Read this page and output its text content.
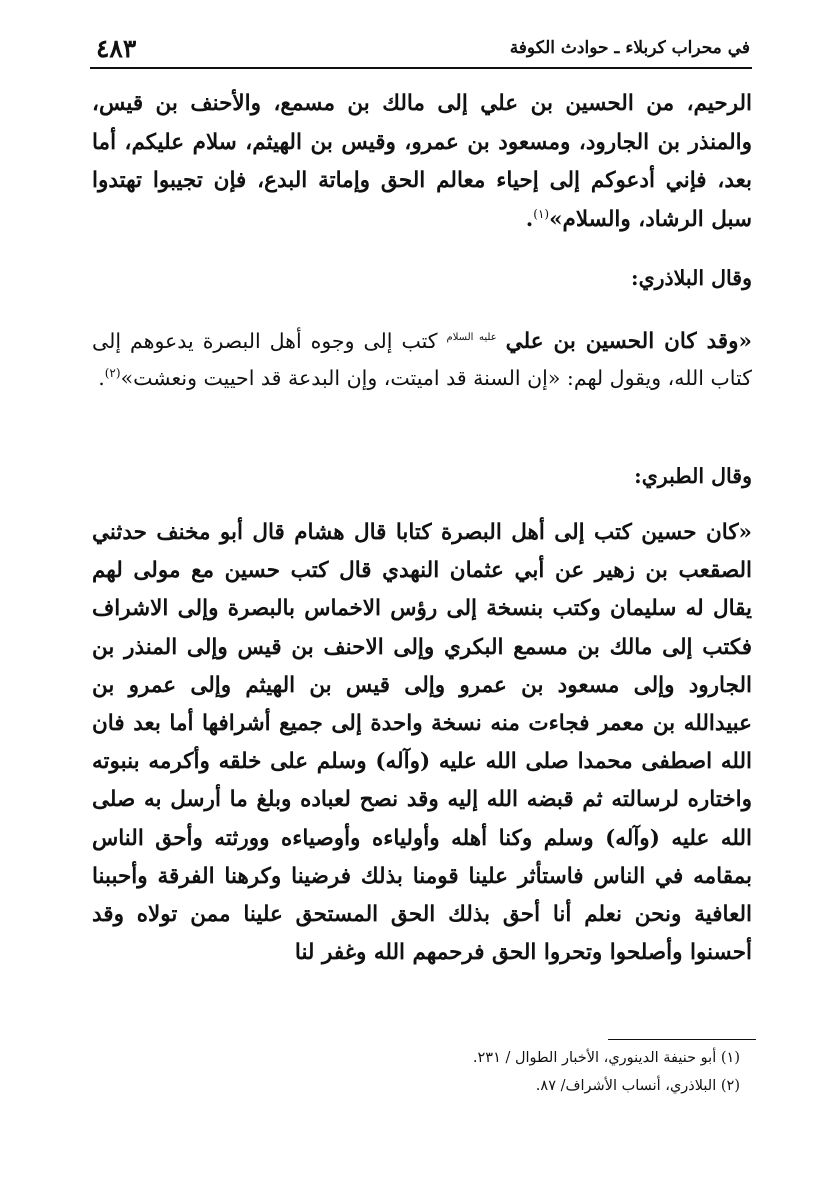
٤٨٣	في محراب كربلاء ـ حوادث الكوفة

الرحيم، من الحسين بن علي إلى مالك بن مسمع، والأحنف بن قيس، والمنذر بن الجارود، ومسعود بن عمرو، وقيس بن الهيثم، سلام عليكم، أما بعد، فإني أدعوكم إلى إحياء معالم الحق وإماتة البدع، فإن تجيبوا تهتدوا سبل الرشاد، والسلام»$^{(١)}$.

وقال البلاذري:

«وقد كان الحسين بن علي $^{عليه السلام}$ كتب إلى وجوه أهل البصرة يدعوهم إلى كتاب الله، ويقول لهم: «إن السنة قد اميتت، وإن البدعة قد احييت ونعشت»$^{(٢)}$.

وقال الطبري:

«كان حسين كتب إلى أهل البصرة كتابا قال هشام قال أبو مخنف حدثني الصقعب بن زهير عن أبي عثمان النهدي قال كتب حسين مع مولى لهم يقال له سليمان وكتب بنسخة إلى رؤس الاخماس بالبصرة وإلى الاشراف فكتب إلى مالك بن مسمع البكري وإلى الاحنف بن قيس وإلى المنذر بن الجارود وإلى مسعود بن عمرو وإلى قيس بن الهيثم وإلى عمرو بن عبيدالله بن معمر فجاءت منه نسخة واحدة إلى جميع أشرافها أما بعد فان الله اصطفى محمدا صلى الله عليه (وآله) وسلم على خلقه وأكرمه بنبوته واختاره لرسالته ثم قبضه الله إليه وقد نصح لعباده وبلغ ما أرسل به صلى الله عليه (وآله) وسلم وكنا أهله وأولياءه وأوصياءه وورثته وأحق الناس بمقامه في الناس فاستأثر علينا قومنا بذلك فرضينا وكرهنا الفرقة وأحببنا العافية ونحن نعلم أنا أحق بذلك الحق المستحق علينا ممن تولاه وقد أحسنوا وأصلحوا وتحروا الحق فرحمهم الله وغفر لنا

(١) أبو حنيفة الدينوري، الأخبار الطوال / ٢٣١.
(٢) البلاذري، أنساب الأشراف/ ٨٧.
